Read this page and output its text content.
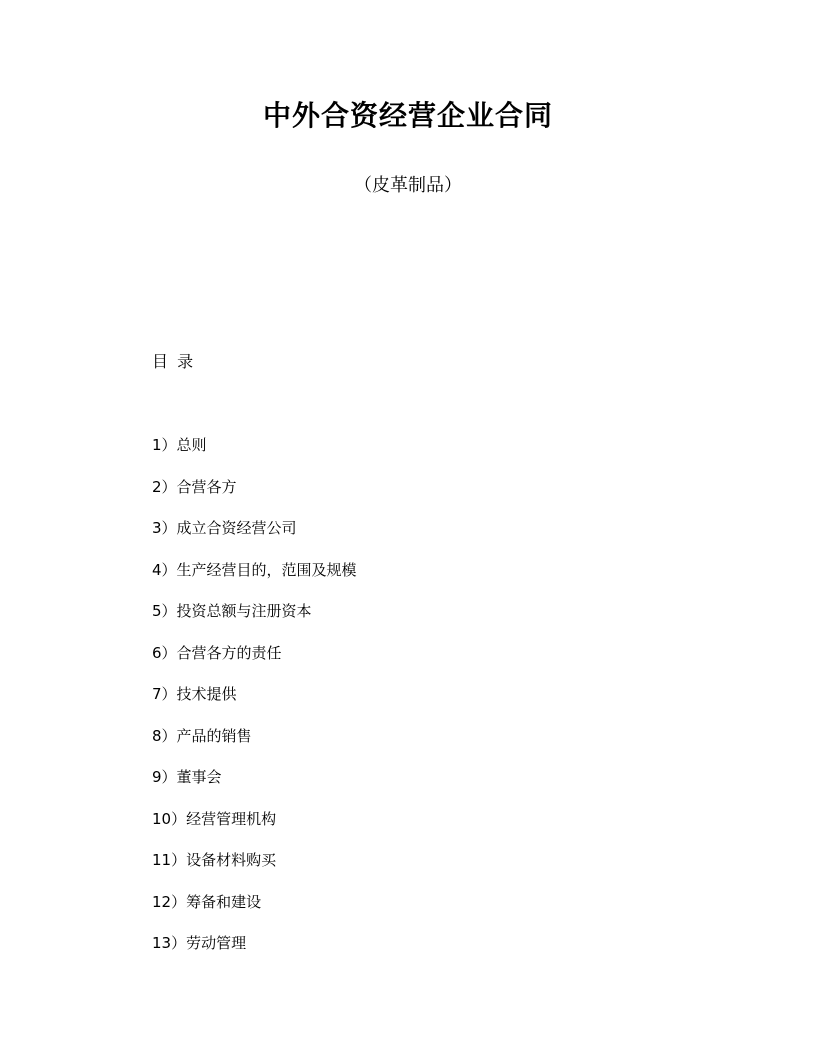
中外合资经营企业合同
（皮革制品）
目 录
1）总则
2）合营各方
3）成立合资经营公司
4）生产经营目的，范围及规模
5）投资总额与注册资本
6）合营各方的责任
7）技术提供
8）产品的销售
9）董事会
10）经营管理机构
11）设备材料购买
12）筹备和建设
13）劳动管理
